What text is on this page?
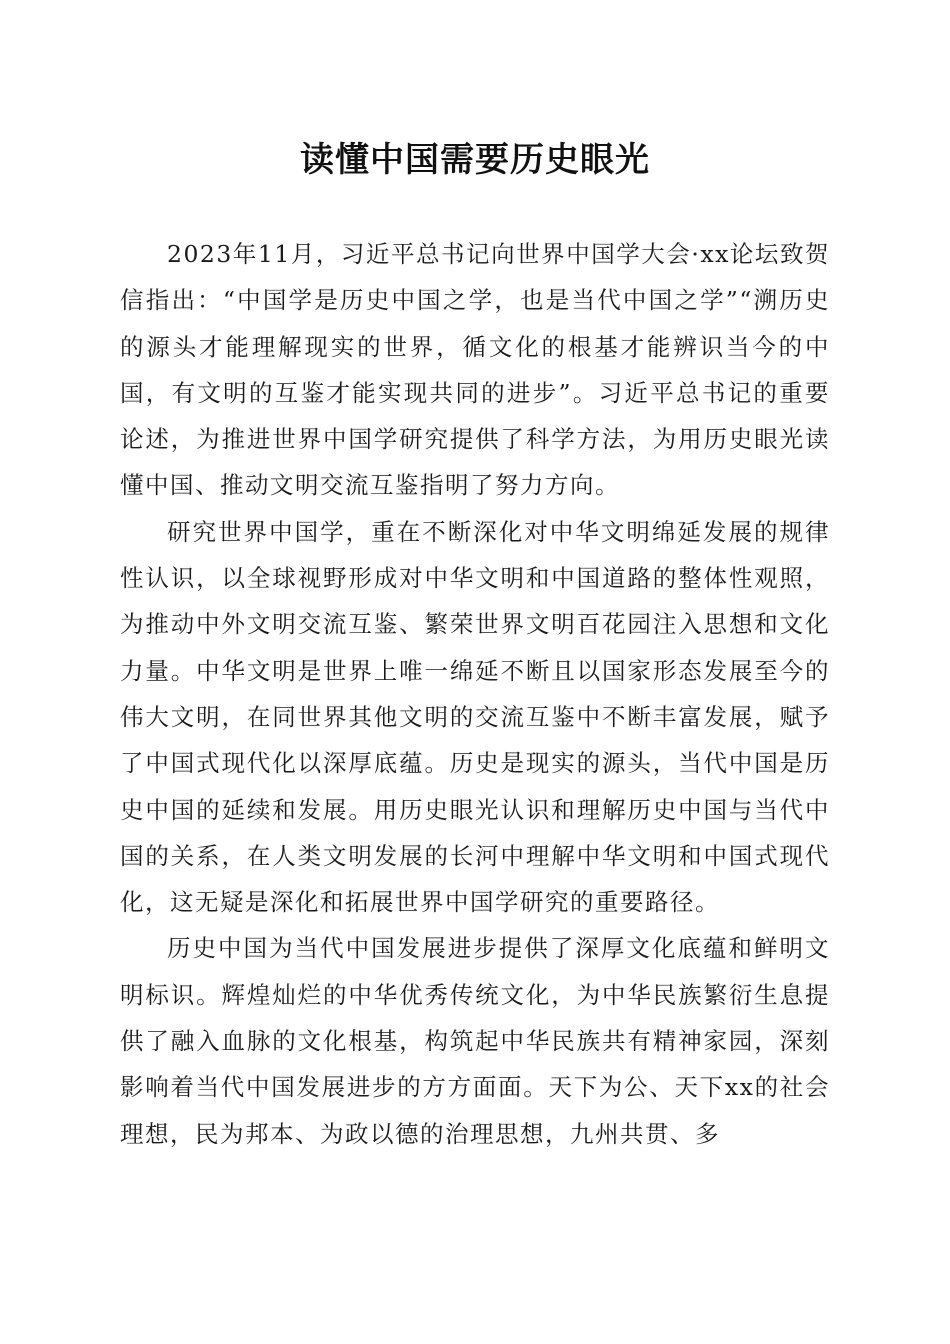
读懂中国需要历史眼光

2023年11月，习近平总书记向世界中国学大会·xx论坛致贺信指出：“中国学是历史中国之学，也是当代中国之学”“溯历史的源头才能理解现实的世界，循文化的根基才能辨识当今的中国，有文明的互鉴才能实现共同的进步”。习近平总书记的重要论述，为推进世界中国学研究提供了科学方法，为用历史眼光读懂中国、推动文明交流互鉴指明了努力方向。

研究世界中国学，重在不断深化对中华文明绵延发展的规律性认识，以全球视野形成对中华文明和中国道路的整体性观照，为推动中外文明交流互鉴、繁荣世界文明百花园注入思想和文化力量。中华文明是世界上唯一绵延不断且以国家形态发展至今的伟大文明，在同世界其他文明的交流互鉴中不断丰富发展，赋予了中国式现代化以深厚底蕴。历史是现实的源头，当代中国是历史中国的延续和发展。用历史眼光认识和理解历史中国与当代中国的关系，在人类文明发展的长河中理解中华文明和中国式现代化，这无疑是深化和拓展世界中国学研究的重要路径。

历史中国为当代中国发展进步提供了深厚文化底蕴和鲜明文明标识。辉煌灿烂的中华优秀传统文化，为中华民族繁衍生息提供了融入血脉的文化根基，构筑起中华民族共有精神家园，深刻影响着当代中国发展进步的方方面面。天下为公、天下xx的社会理想，民为邦本、为政以德的治理思想，九州共贯、多
